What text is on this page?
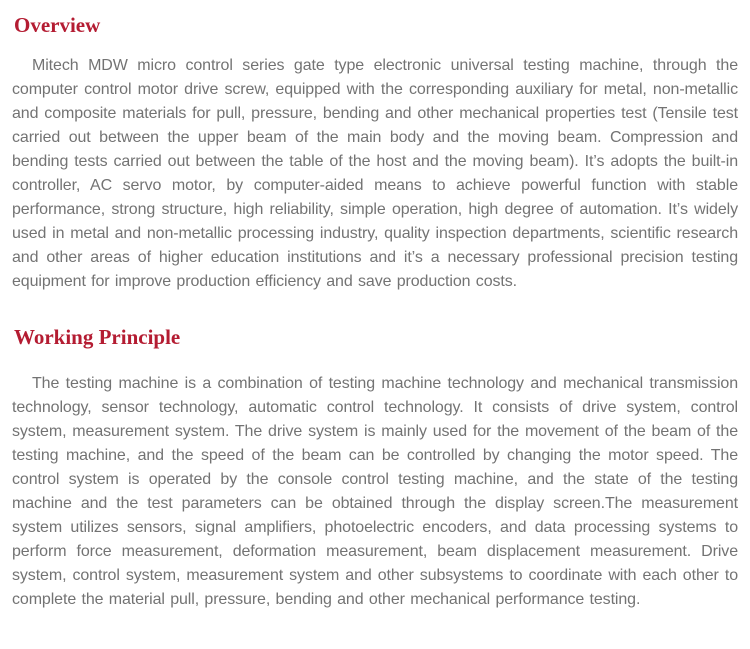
Overview

Mitech MDW micro control series gate type electronic universal testing machine, through the computer control motor drive screw, equipped with the corresponding auxiliary for metal, non-metallic and composite materials for pull, pressure, bending and other mechanical properties test (Tensile test carried out between the upper beam of the main body and the moving beam. Compression and bending tests carried out between the table of the host and the moving beam). It’s adopts the built-in controller, AC servo motor, by computer-aided means to achieve powerful function with stable performance, strong structure, high reliability, simple operation, high degree of automation. It’s widely used in metal and non-metallic processing industry, quality inspection departments, scientific research and other areas of higher education institutions and it’s a necessary professional precision testing equipment for improve production efficiency and save production costs.

Working Principle

The testing machine is a combination of testing machine technology and mechanical transmission technology, sensor technology, automatic control technology. It consists of drive system, control system, measurement system. The drive system is mainly used for the movement of the beam of the testing machine, and the speed of the beam can be controlled by changing the motor speed. The control system is operated by the console control testing machine, and the state of the testing machine and the test parameters can be obtained through the display screen.The measurement system utilizes sensors, signal amplifiers, photoelectric encoders, and data processing systems to perform force measurement, deformation measurement, beam displacement measurement. Drive system, control system, measurement system and other subsystems to coordinate with each other to complete the material pull, pressure, bending and other mechanical performance testing.
